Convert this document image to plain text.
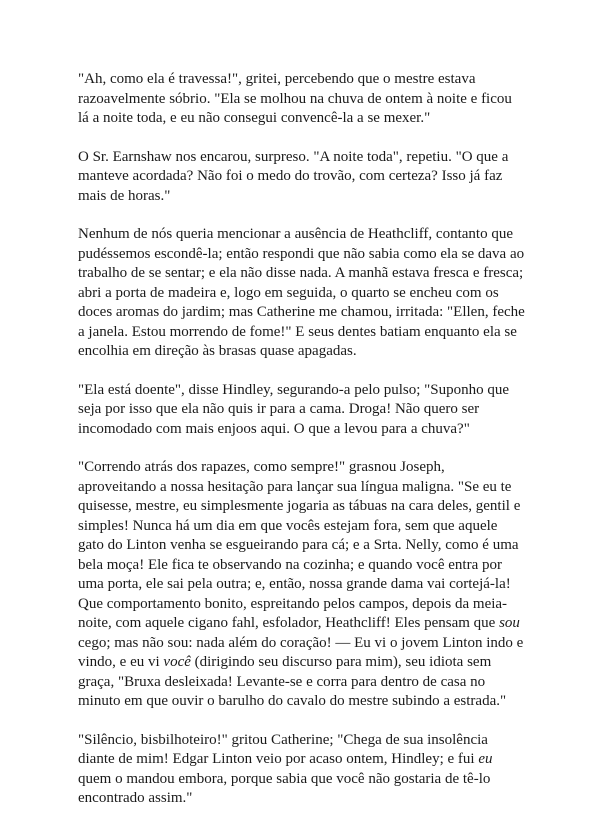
"Ah, como ela é travessa!", gritei, percebendo que o mestre estava razoavelmente sóbrio. "Ela se molhou na chuva de ontem à noite e ficou lá a noite toda, e eu não consegui convencê-la a se mexer."

O Sr. Earnshaw nos encarou, surpreso. "A noite toda", repetiu. "O que a manteve acordada? Não foi o medo do trovão, com certeza? Isso já faz mais de horas."

Nenhum de nós queria mencionar a ausência de Heathcliff, contanto que pudéssemos escondê-la; então respondi que não sabia como ela se dava ao trabalho de se sentar; e ela não disse nada. A manhã estava fresca e fresca; abri a porta de madeira e, logo em seguida, o quarto se encheu com os doces aromas do jardim; mas Catherine me chamou, irritada: "Ellen, feche a janela. Estou morrendo de fome!" E seus dentes batiam enquanto ela se encolhia em direção às brasas quase apagadas.

"Ela está doente", disse Hindley, segurando-a pelo pulso; "Suponho que seja por isso que ela não quis ir para a cama. Droga! Não quero ser incomodado com mais enjoos aqui. O que a levou para a chuva?"

"Correndo atrás dos rapazes, como sempre!" grasnou Joseph, aproveitando a nossa hesitação para lançar sua língua maligna. "Se eu te quisesse, mestre, eu simplesmente jogaria as tábuas na cara deles, gentil e simples! Nunca há um dia em que vocês estejam fora, sem que aquele gato do Linton venha se esgueirando para cá; e a Srta. Nelly, como é uma bela moça! Ele fica te observando na cozinha; e quando você entra por uma porta, ele sai pela outra; e, então, nossa grande dama vai cortejá-la! Que comportamento bonito, espreitando pelos campos, depois da meia-noite, com aquele cigano fahl, esfolador, Heathcliff! Eles pensam que sou cego; mas não sou: nada além do coração! — Eu vi o jovem Linton indo e vindo, e eu vi você (dirigindo seu discurso para mim), seu idiota sem graça, "Bruxa desleixada! Levante-se e corra para dentro de casa no minuto em que ouvir o barulho do cavalo do mestre subindo a estrada."

"Silêncio, bisbilhoteiro!" gritou Catherine; "Chega de sua insolência diante de mim! Edgar Linton veio por acaso ontem, Hindley; e fui eu quem o mandou embora, porque sabia que você não gostaria de tê-lo encontrado assim."
